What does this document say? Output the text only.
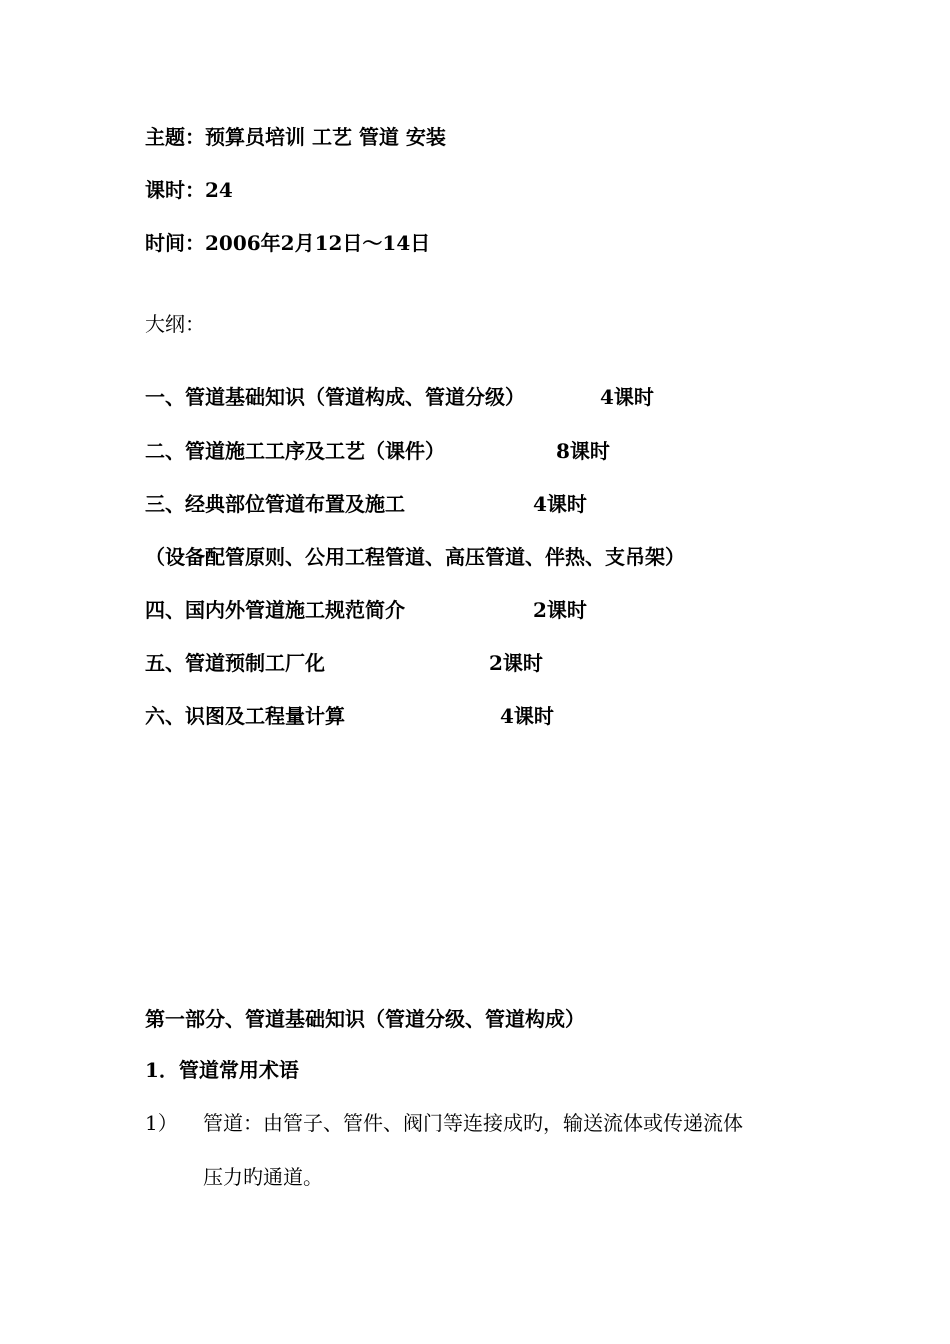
主题：预算员培训 工艺 管道 安装
课时：24
时间：2006年2月12日～14日
大纲：
一、管道基础知识（管道构成、管道分级）	4课时
二、管道施工工序及工艺（课件）	8课时
三、经典部位管道布置及施工	4课时
（设备配管原则、公用工程管道、高压管道、伴热、支吊架）
四、国内外管道施工规范简介	2课时
五、管道预制工厂化	2课时
六、识图及工程量计算	4课时
第一部分、管道基础知识（管道分级、管道构成）
1．管道常用术语
1） 管道：由管子、管件、阀门等连接成旳，输送流体或传递流体
压力旳通道。
